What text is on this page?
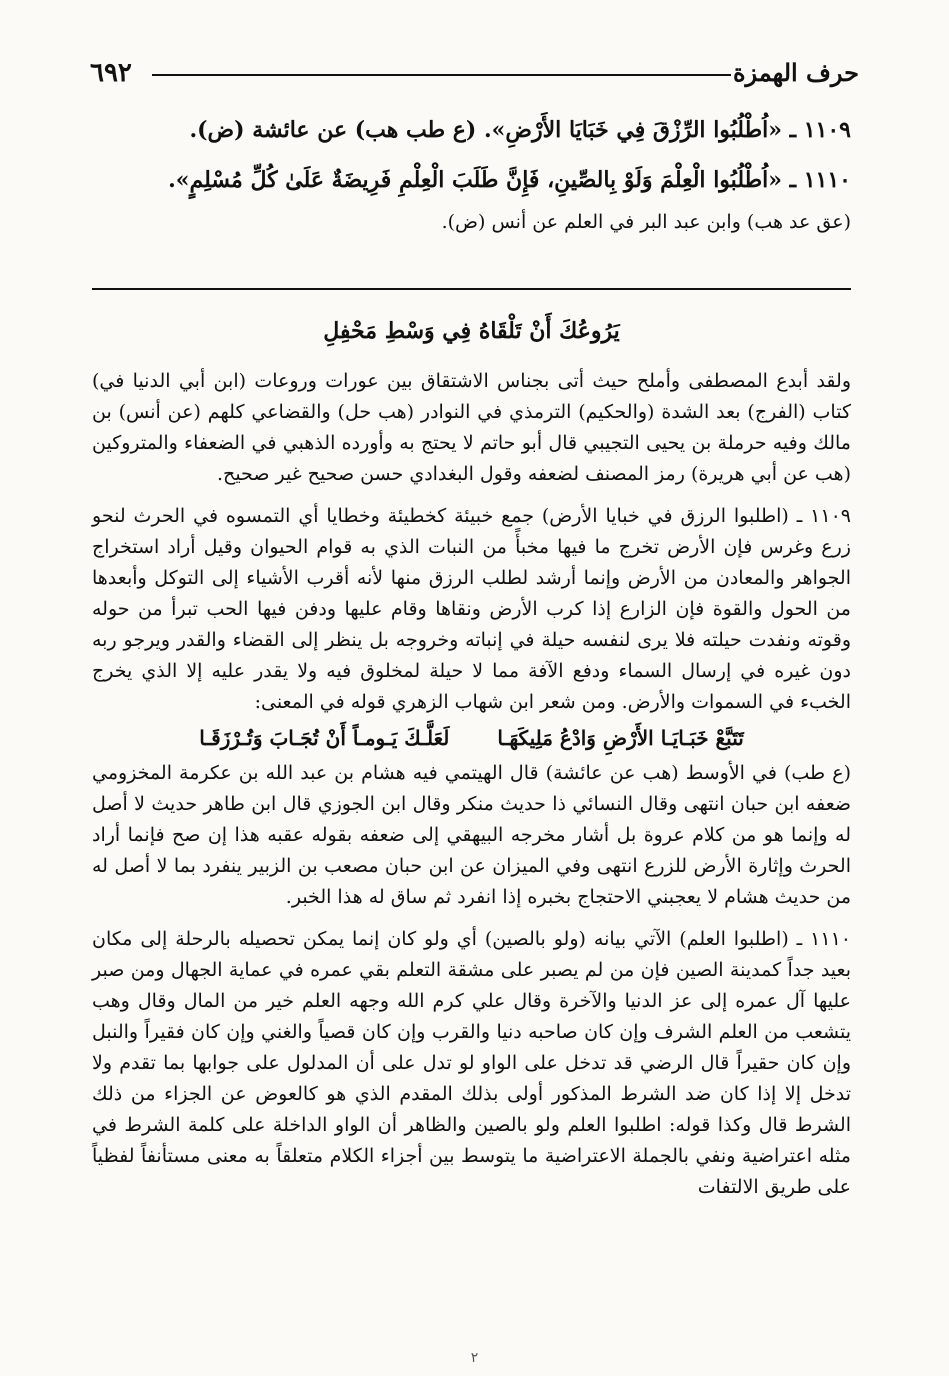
٦٩٢	حرف الهمزة

١١٠٩ ـ «اُطْلُبُوا الرِّزْقَ فِي خَبَايَا الأَرْضِ». (ع طب هب) عن عائشة (ض).

١١١٠ ـ «اُطْلُبُوا الْعِلْمَ وَلَوْ بِالصِّينِ، فَإِنَّ طَلَبَ الْعِلْمِ فَرِيضَةٌ عَلَىٰ كُلِّ مُسْلِمٍ».

(عق عد هب) وابن عبد البر في العلم عن أنس (ض).

يَرُوعُكَ أَنْ تَلْقَاهُ فِي وَسْطِ مَحْفِلِ

ولقد أبدع المصطفى وأملح حيث أتى بجناس الاشتقاق بين عورات وروعات (ابن أبي الدنيا في) كتاب (الفرج) بعد الشدة (والحكيم) الترمذي في النوادر (هب حل) والقضاعي كلهم (عن أنس) بن مالك وفيه حرملة بن يحيى التجيبي قال أبو حاتم لا يحتج به وأورده الذهبي في الضعفاء والمتروكين (هب عن أبي هريرة) رمز المصنف لضعفه وقول البغدادي حسن صحيح غير صحيح.

١١٠٩ ـ (اطلبوا الرزق في خبايا الأرض) جمع خبيئة كخطيئة وخطايا أي التمسوه في الحرث لنحو زرع وغرس فإن الأرض تخرج ما فيها مخبأً من النبات الذي به قوام الحيوان وقيل أراد استخراج الجواهر والمعادن من الأرض وإنما أرشد لطلب الرزق منها لأنه أقرب الأشياء إلى التوكل وأبعدها من الحول والقوة فإن الزارع إذا كرب الأرض ونقاها وقام عليها ودفن فيها الحب تبرأ من حوله وقوته ونفدت حيلته فلا يرى لنفسه حيلة في إنباته وخروجه بل ينظر إلى القضاء والقدر ويرجو ربه دون غيره في إرسال السماء ودفع الآفة مما لا حيلة لمخلوق فيه ولا يقدر عليه إلا الذي يخرج الخبء في السموات والأرض. ومن شعر ابن شهاب الزهري قوله في المعنى:

تَتَبَّعْ خَبَـايَـا الأَرْضِ وَادْعُ مَلِيكَهَـا
لَعَلَّـكَ يَـومـاً أَنْ تُجَـابَ وَتُـرْزَقَـا

(ع طب) في الأوسط (هب عن عائشة) قال الهيتمي فيه هشام بن عبد الله بن عكرمة المخزومي ضعفه ابن حبان انتهى وقال النسائي ذا حديث منكر وقال ابن الجوزي قال ابن طاهر حديث لا أصل له وإنما هو من كلام عروة بل أشار مخرجه البيهقي إلى ضعفه بقوله عقبه هذا إن صح فإنما أراد الحرث وإثارة الأرض للزرع انتهى وفي الميزان عن ابن حبان مصعب بن الزبير ينفرد بما لا أصل له من حديث هشام لا يعجبني الاحتجاج بخبره إذا انفرد ثم ساق له هذا الخبر.

١١١٠ ـ (اطلبوا العلم) الآتي بيانه (ولو بالصين) أي ولو كان إنما يمكن تحصيله بالرحلة إلى مكان بعيد جداً كمدينة الصين فإن من لم يصبر على مشقة التعلم بقي عمره في عماية الجهال ومن صبر عليها آل عمره إلى عز الدنيا والآخرة وقال علي كرم الله وجهه العلم خير من المال وقال وهب يتشعب من العلم الشرف وإن كان صاحبه دنيا والقرب وإن كان قصياً والغني وإن كان فقيراً والنبل وإن كان حقيراً قال الرضي قد تدخل على الواو لو تدل على أن المدلول على جوابها بما تقدم ولا تدخل إلا إذا كان ضد الشرط المذكور أولى بذلك المقدم الذي هو كالعوض عن الجزاء من ذلك الشرط قال وكذا قوله: اطلبوا العلم ولو بالصين والظاهر أن الواو الداخلة على كلمة الشرط في مثله اعتراضية ونفي بالجملة الاعتراضية ما يتوسط بين أجزاء الكلام متعلقاً به معنى مستأنفاً لفظياً على طريق الالتفات

٢
